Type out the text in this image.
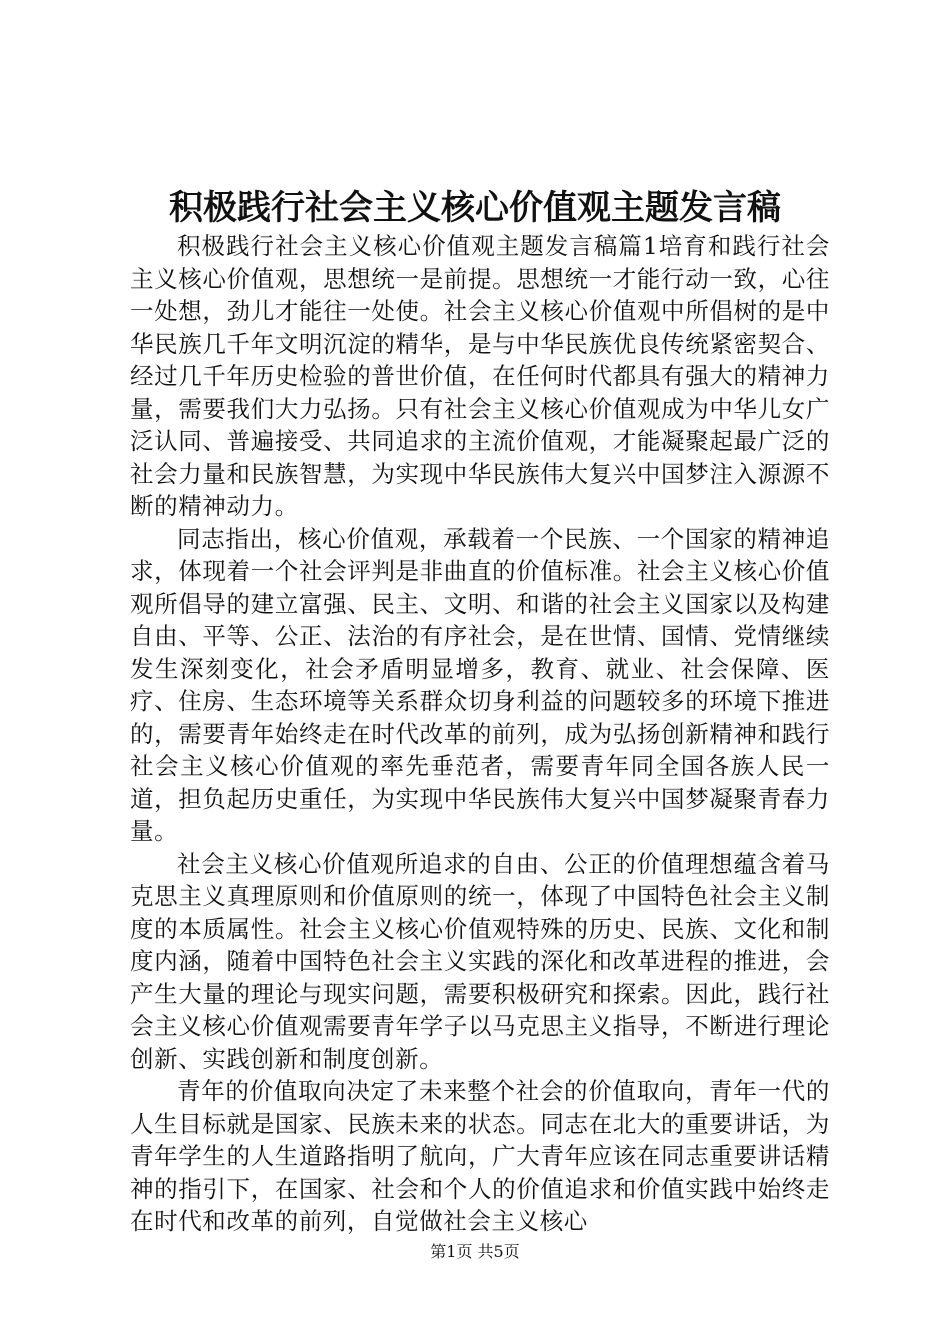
积极践行社会主义核心价值观主题发言稿

积极践行社会主义核心价值观主题发言稿篇1培育和践行社会主义核心价值观，思想统一是前提。思想统一才能行动一致，心往一处想，劲儿才能往一处使。社会主义核心价值观中所倡树的是中华民族几千年文明沉淀的精华，是与中华民族优良传统紧密契合、经过几千年历史检验的普世价值，在任何时代都具有强大的精神力量，需要我们大力弘扬。只有社会主义核心价值观成为中华儿女广泛认同、普遍接受、共同追求的主流价值观，才能凝聚起最广泛的社会力量和民族智慧，为实现中华民族伟大复兴中国梦注入源源不断的精神动力。

同志指出，核心价值观，承载着一个民族、一个国家的精神追求，体现着一个社会评判是非曲直的价值标准。社会主义核心价值观所倡导的建立富强、民主、文明、和谐的社会主义国家以及构建自由、平等、公正、法治的有序社会，是在世情、国情、党情继续发生深刻变化，社会矛盾明显增多，教育、就业、社会保障、医疗、住房、生态环境等关系群众切身利益的问题较多的环境下推进的，需要青年始终走在时代改革的前列，成为弘扬创新精神和践行社会主义核心价值观的率先垂范者，需要青年同全国各族人民一道，担负起历史重任，为实现中华民族伟大复兴中国梦凝聚青春力量。

社会主义核心价值观所追求的自由、公正的价值理想蕴含着马克思主义真理原则和价值原则的统一，体现了中国特色社会主义制度的本质属性。社会主义核心价值观特殊的历史、民族、文化和制度内涵，随着中国特色社会主义实践的深化和改革进程的推进，会产生大量的理论与现实问题，需要积极研究和探索。因此，践行社会主义核心价值观需要青年学子以马克思主义指导，不断进行理论创新、实践创新和制度创新。

青年的价值取向决定了未来整个社会的价值取向，青年一代的人生目标就是国家、民族未来的状态。同志在北大的重要讲话，为青年学生的人生道路指明了航向，广大青年应该在同志重要讲话精神的指引下，在国家、社会和个人的价值追求和价值实践中始终走在时代和改革的前列，自觉做社会主义核心

第1页 共5页
